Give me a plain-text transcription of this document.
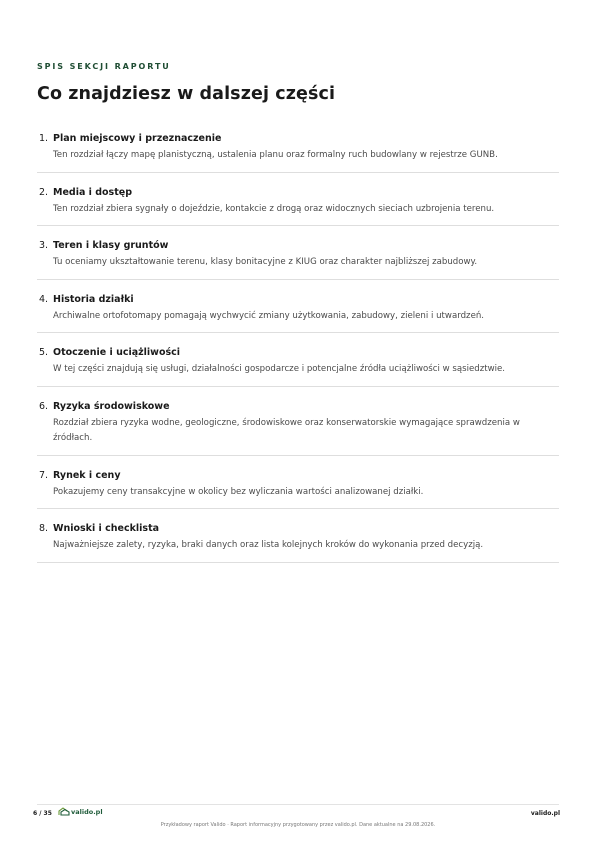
SPIS SEKCJI RAPORTU
Co znajdziesz w dalszej części
1. Plan miejscowy i przeznaczenie
Ten rozdział łączy mapę planistyczną, ustalenia planu oraz formalny ruch budowlany w rejestrze GUNB.
2. Media i dostęp
Ten rozdział zbiera sygnały o dojeździe, kontakcie z drogą oraz widocznych sieciach uzbrojenia terenu.
3. Teren i klasy gruntów
Tu oceniamy ukształtowanie terenu, klasy bonitacyjne z KIUG oraz charakter najbliższej zabudowy.
4. Historia działki
Archiwalne ortofotomapy pomagają wychwycić zmiany użytkowania, zabudowy, zieleni i utwardzeń.
5. Otoczenie i uciążliwości
W tej części znajdują się usługi, działalności gospodarcze i potencjalne źródła uciążliwości w sąsiedztwie.
6. Ryzyka środowiskowe
Rozdział zbiera ryzyka wodne, geologiczne, środowiskowe oraz konserwatorskie wymagające sprawdzenia w źródłach.
7. Rynek i ceny
Pokazujemy ceny transakcyjne w okolicy bez wyliczania wartości analizowanej działki.
8. Wnioski i checklista
Najważniejsze zalety, ryzyka, braki danych oraz lista kolejnych kroków do wykonania przed decyzją.
6 / 35	valido.pl	valido.pl
Przykładowy raport Valido · Raport informacyjny przygotowany przez valido.pl. Dane aktualne na 29.08.2026.
